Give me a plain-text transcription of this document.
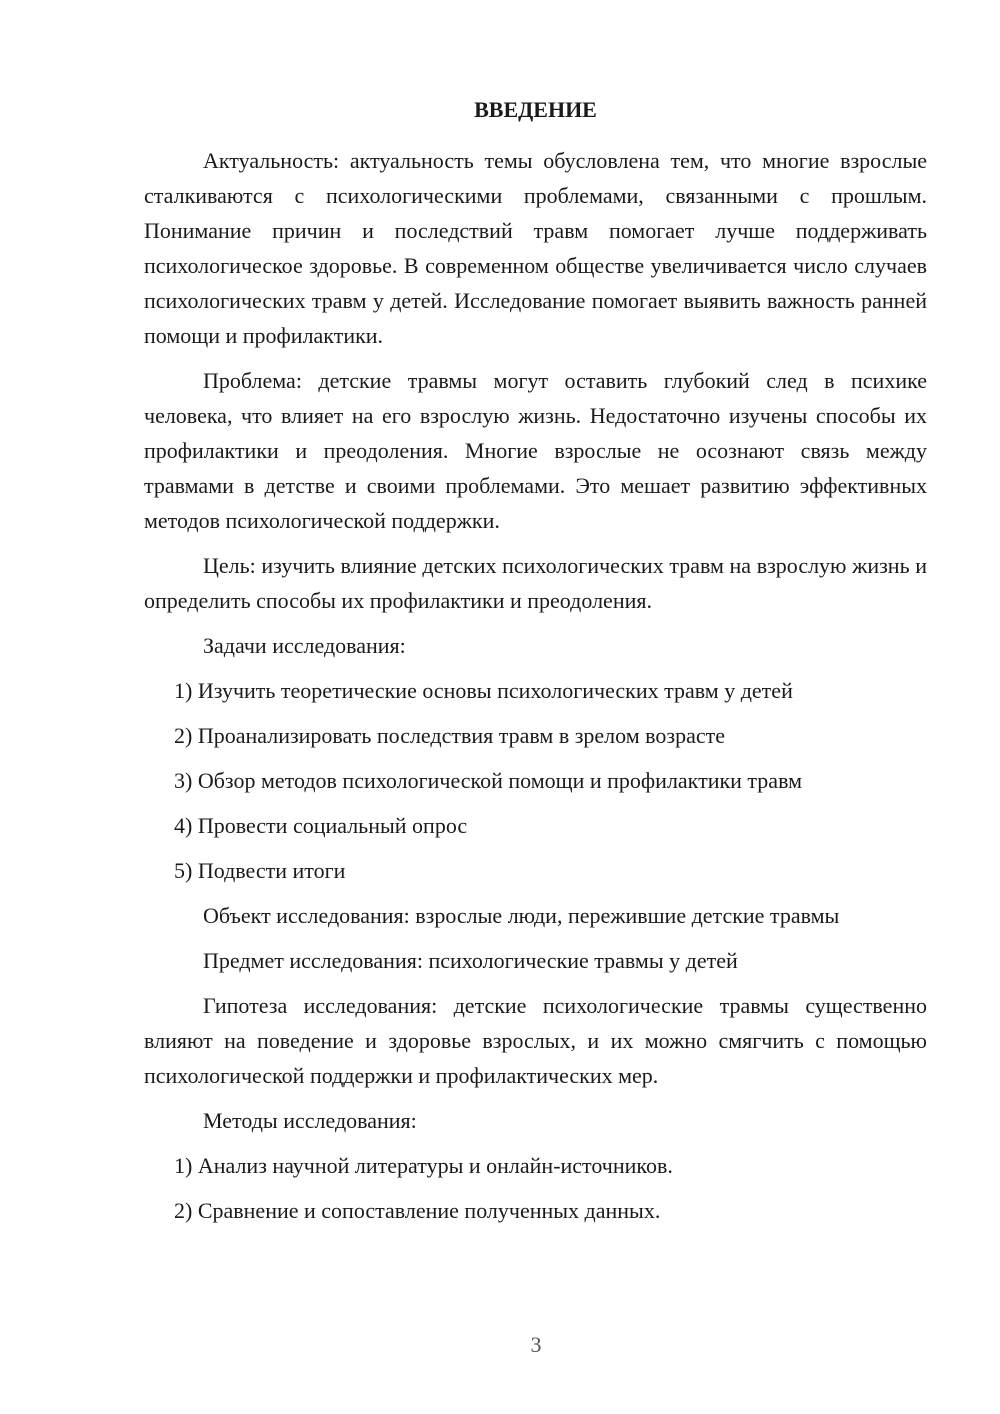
ВВЕДЕНИЕ

Актуальность: актуальность темы обусловлена тем, что многие взрослые сталкиваются с психологическими проблемами, связанными с прошлым. Понимание причин и последствий травм помогает лучше поддерживать психологическое здоровье. В современном обществе увеличивается число случаев психологических травм у детей. Исследование помогает выявить важность ранней помощи и профилактики.

Проблема: детские травмы могут оставить глубокий след в психике человека, что влияет на его взрослую жизнь. Недостаточно изучены способы их профилактики и преодоления. Многие взрослые не осознают связь между травмами в детстве и своими проблемами. Это мешает развитию эффективных методов психологической поддержки.

Цель: изучить влияние детских психологических травм на взрослую жизнь и определить способы их профилактики и преодоления.

Задачи исследования:

1) Изучить теоретические основы психологических травм у детей

2) Проанализировать последствия травм в зрелом возрасте

3) Обзор методов психологической помощи и профилактики травм

4) Провести социальный опрос

5) Подвести итоги

Объект исследования: взрослые люди, пережившие детские травмы

Предмет исследования: психологические травмы у детей

Гипотеза исследования: детские психологические травмы существенно влияют на поведение и здоровье взрослых, и их можно смягчить с помощью психологической поддержки и профилактических мер.

Методы исследования:

1) Анализ научной литературы и онлайн-источников.

2) Сравнение и сопоставление полученных данных.

3
